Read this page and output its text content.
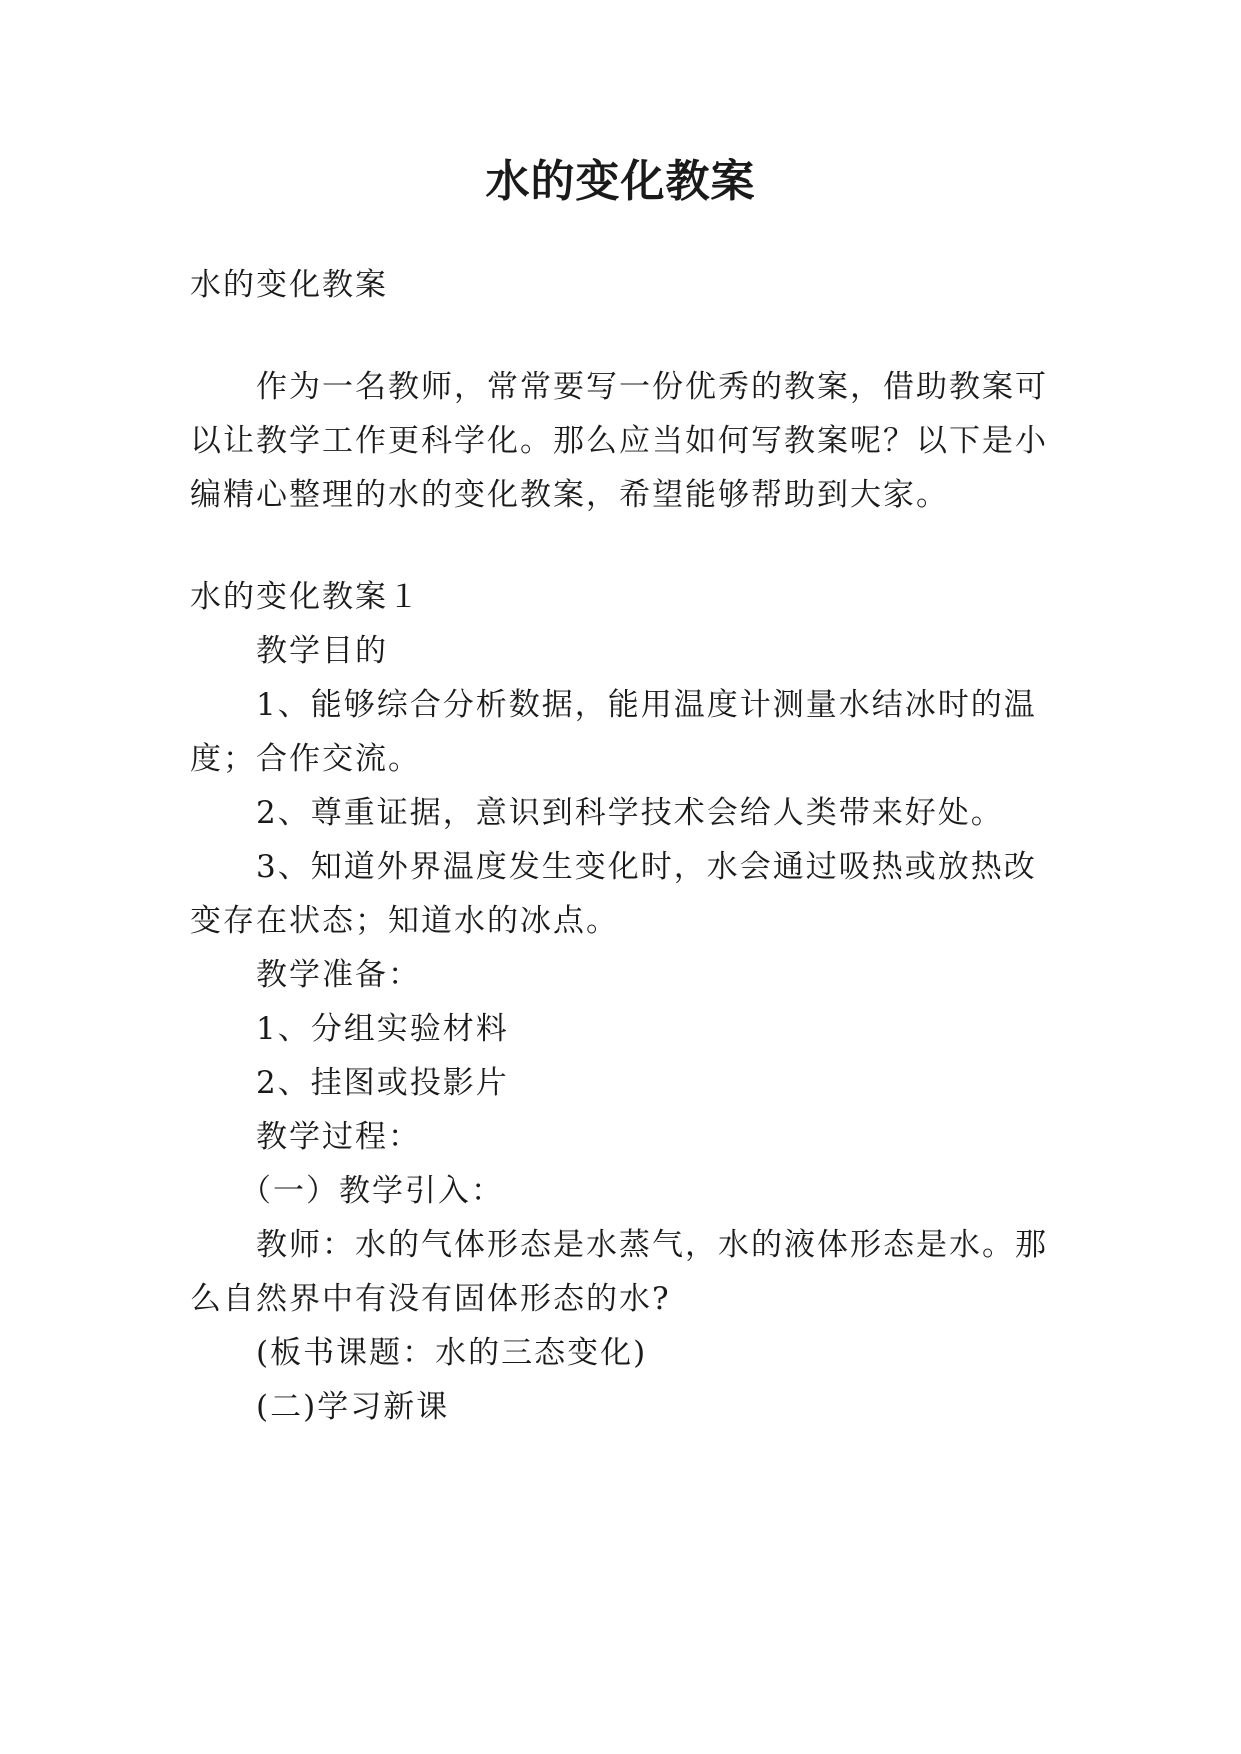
水的变化教案

水的变化教案

作为一名教师，常常要写一份优秀的教案，借助教案可

以让教学工作更科学化。那么应当如何写教案呢？以下是小

编精心整理的水的变化教案，希望能够帮助到大家。

水的变化教案１

教学目的

1、能够综合分析数据，能用温度计测量水结冰时的温

度；合作交流。

2、尊重证据，意识到科学技术会给人类带来好处。

3、知道外界温度发生变化时，水会通过吸热或放热改

变存在状态；知道水的冰点。

教学准备：

1、分组实验材料

2、挂图或投影片

教学过程：

（一）教学引入：

教师：水的气体形态是水蒸气，水的液体形态是水。那

么自然界中有没有固体形态的水?

(板书课题：水的三态变化)

(二)学习新课
